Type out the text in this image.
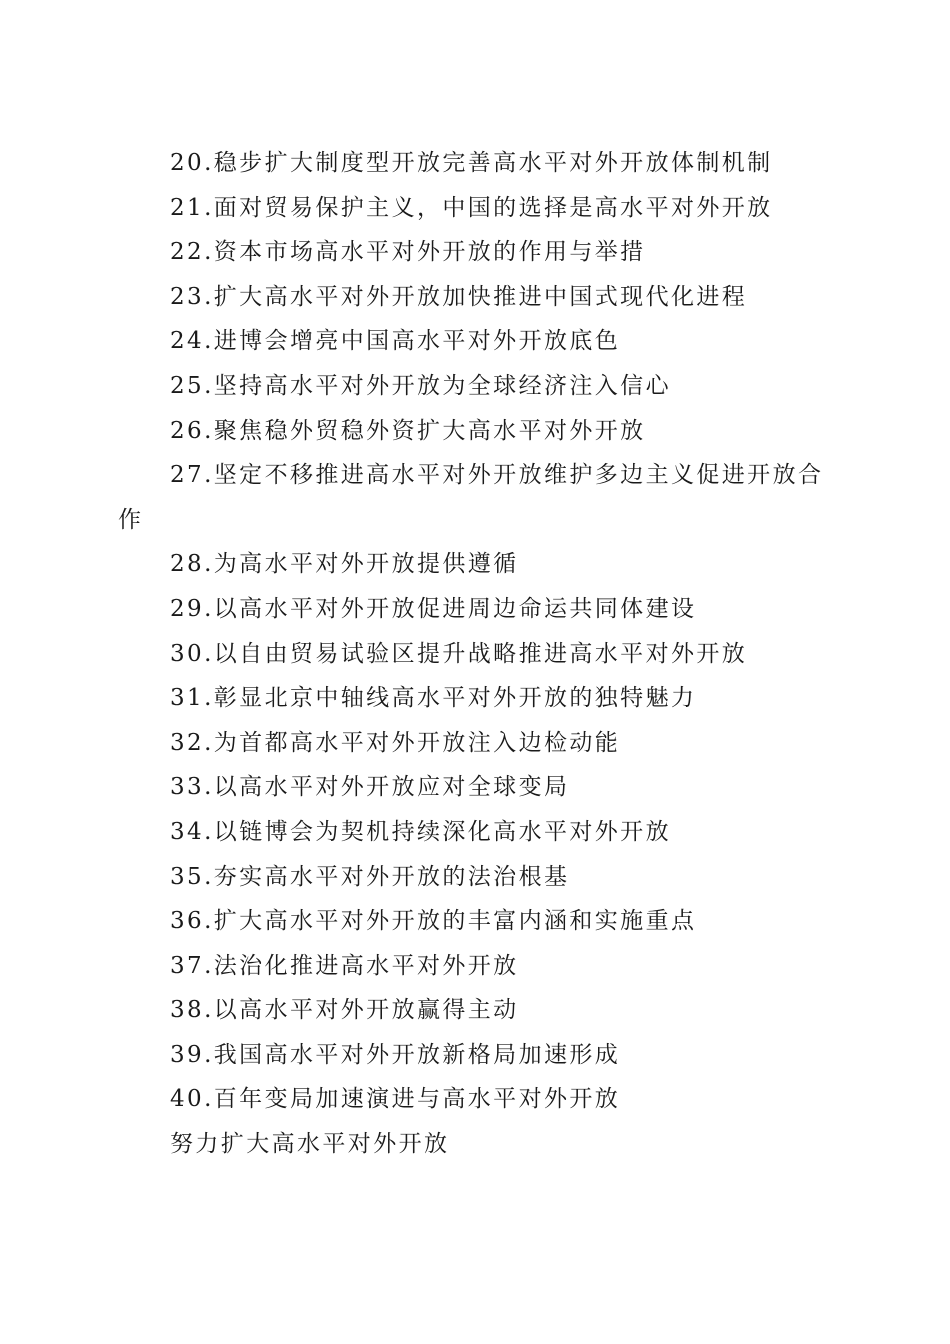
20.稳步扩大制度型开放完善高水平对外开放体制机制
21.面对贸易保护主义，中国的选择是高水平对外开放
22.资本市场高水平对外开放的作用与举措
23.扩大高水平对外开放加快推进中国式现代化进程
24.进博会增亮中国高水平对外开放底色
25.坚持高水平对外开放为全球经济注入信心
26.聚焦稳外贸稳外资扩大高水平对外开放
27.坚定不移推进高水平对外开放维护多边主义促进开放合作
28.为高水平对外开放提供遵循
29.以高水平对外开放促进周边命运共同体建设
30.以自由贸易试验区提升战略推进高水平对外开放
31.彰显北京中轴线高水平对外开放的独特魅力
32.为首都高水平对外开放注入边检动能
33.以高水平对外开放应对全球变局
34.以链博会为契机持续深化高水平对外开放
35.夯实高水平对外开放的法治根基
36.扩大高水平对外开放的丰富内涵和实施重点
37.法治化推进高水平对外开放
38.以高水平对外开放赢得主动
39.我国高水平对外开放新格局加速形成
40.百年变局加速演进与高水平对外开放
努力扩大高水平对外开放
